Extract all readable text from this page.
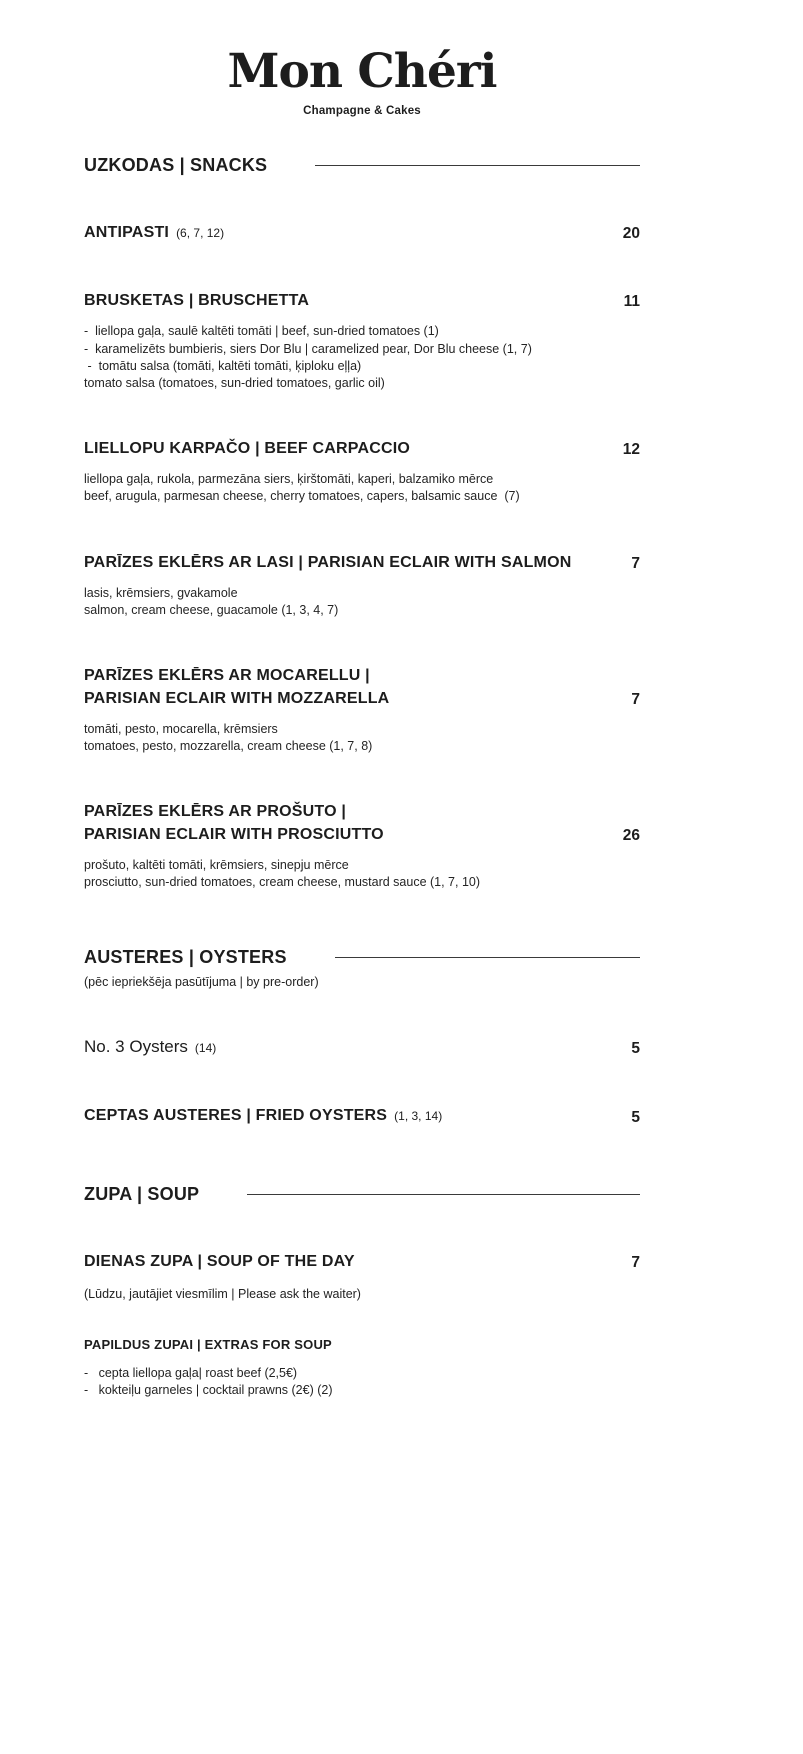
Mon Chéri
Champagne & Cakes
UZKODAS | SNACKS
ANTIPASTI (6, 7, 12)	20
BRUSKETAS | BRUSCHETTA	11
-  liellopa gaļa, saulē kaltēti tomāti | beef, sun-dried tomatoes (1)
-  karamelizēts bumbieris, siers Dor Blu | caramelized pear, Dor Blu cheese (1, 7)
-  tomātu salsa (tomāti, kaltēti tomāti, ķiploku eļļa)
tomato salsa (tomatoes, sun-dried tomatoes, garlic oil)
LIELLOPU KARPAČO | BEEF CARPACCIO	12
liellopa gaļa, rukola, parmezāna siers, ķirštomāti, kaperi, balzamiko mērce
beef, arugula, parmesan cheese, cherry tomatoes, capers, balsamic sauce  (7)
PARĪZES EKLĒRS AR LASI | PARISIAN ECLAIR WITH SALMON	7
lasis, krēmsiers, gvakamole
salmon, cream cheese, guacamole (1, 3, 4, 7)
PARĪZES EKLĒRS AR MOCARELLU |
PARISIAN ECLAIR WITH MOZZARELLA	7
tomāti, pesto, mocarella, krēmsiers
tomatoes, pesto, mozzarella, cream cheese (1, 7, 8)
PARĪZES EKLĒRS AR PROŠUTO |
PARISIAN ECLAIR WITH PROSCIUTTO	26
prošuto, kaltēti tomāti, krēmsiers, sinepju mērce
prosciutto, sun-dried tomatoes, cream cheese, mustard sauce (1, 7, 10)
AUSTERES | OYSTERS
(pēc iepriekšēja pasūtījuma | by pre-order)
No. 3 Oysters (14)	5
CEPTAS AUSTERES | FRIED OYSTERS (1, 3, 14)	5
ZUPA | SOUP
DIENAS ZUPA | SOUP OF THE DAY	7
(Lūdzu, jautājiet viesmīlim | Please ask the waiter)
PAPILDUS ZUPAI | EXTRAS FOR SOUP
-   cepta liellopa gaļa| roast beef (2,5€)
-   kokteiļu garneles | cocktail prawns (2€) (2)
